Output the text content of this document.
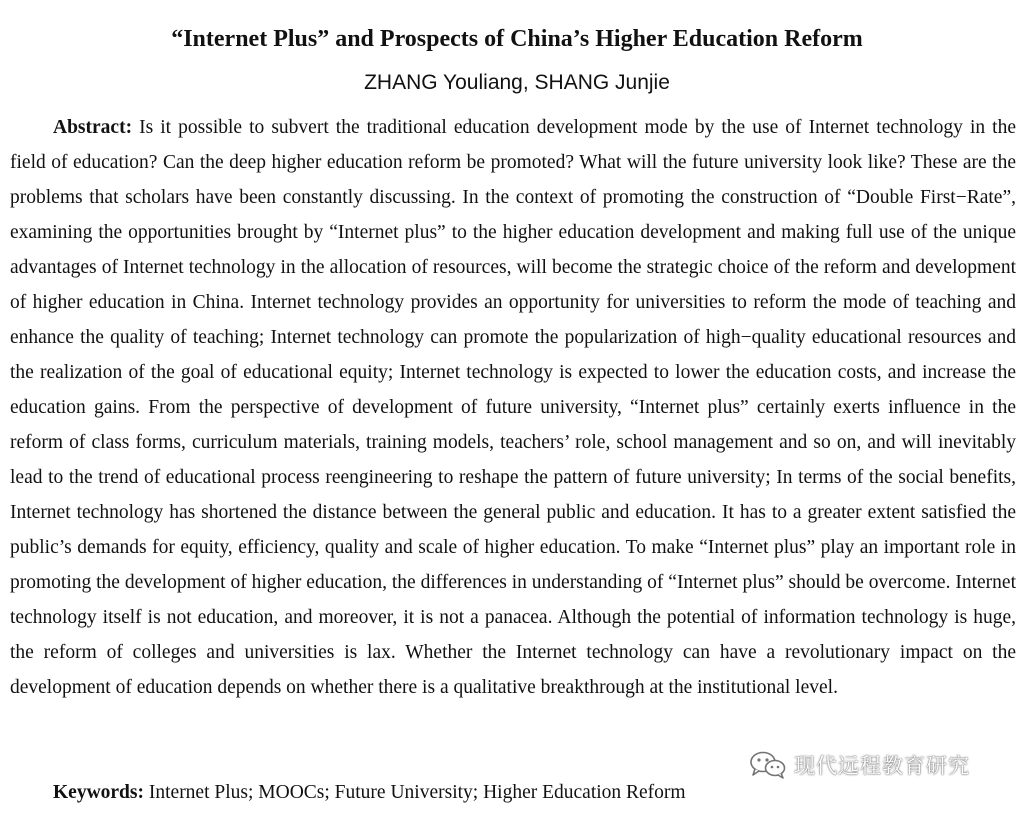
“Internet Plus” and Prospects of China’s Higher Education Reform

ZHANG Youliang, SHANG Junjie

Abstract: Is it possible to subvert the traditional education development mode by the use of Internet technology in the field of education? Can the deep higher education reform be promoted? What will the future university look like? These are the problems that scholars have been constantly discussing. In the context of promoting the construction of “Double First−Rate”, examining the opportunities brought by “Internet plus” to the higher education development and making full use of the unique advantages of Internet technology in the allocation of resources, will become the strategic choice of the reform and development of higher education in China. Internet technology provides an opportunity for universities to reform the mode of teaching and enhance the quality of teaching; Internet technology can promote the popularization of high−quality educational resources and the realization of the goal of educational equity; Internet technology is expected to lower the education costs, and increase the education gains. From the perspective of development of future university, “Internet plus” certainly exerts influence in the reform of class forms, curriculum materials, training models, teachers’ role, school management and so on, and will inevitably lead to the trend of educational process reengineering to reshape the pattern of future university; In terms of the social benefits, Internet technology has shortened the distance between the general public and education. It has to a greater extent satisfied the public’s demands for equity, efficiency, quality and scale of higher education. To make “Internet plus” play an important role in promoting the development of higher education, the differences in understanding of “Internet plus” should be overcome. Internet technology itself is not education, and moreover, it is not a panacea. Although the potential of information technology is huge, the reform of colleges and universities is lax. Whether the Internet technology can have a revolutionary impact on the development of education depends on whether there is a qualitative breakthrough at the institutional level.

Keywords: Internet Plus; MOOCs; Future University; Higher Education Reform

现代远程教育研究
